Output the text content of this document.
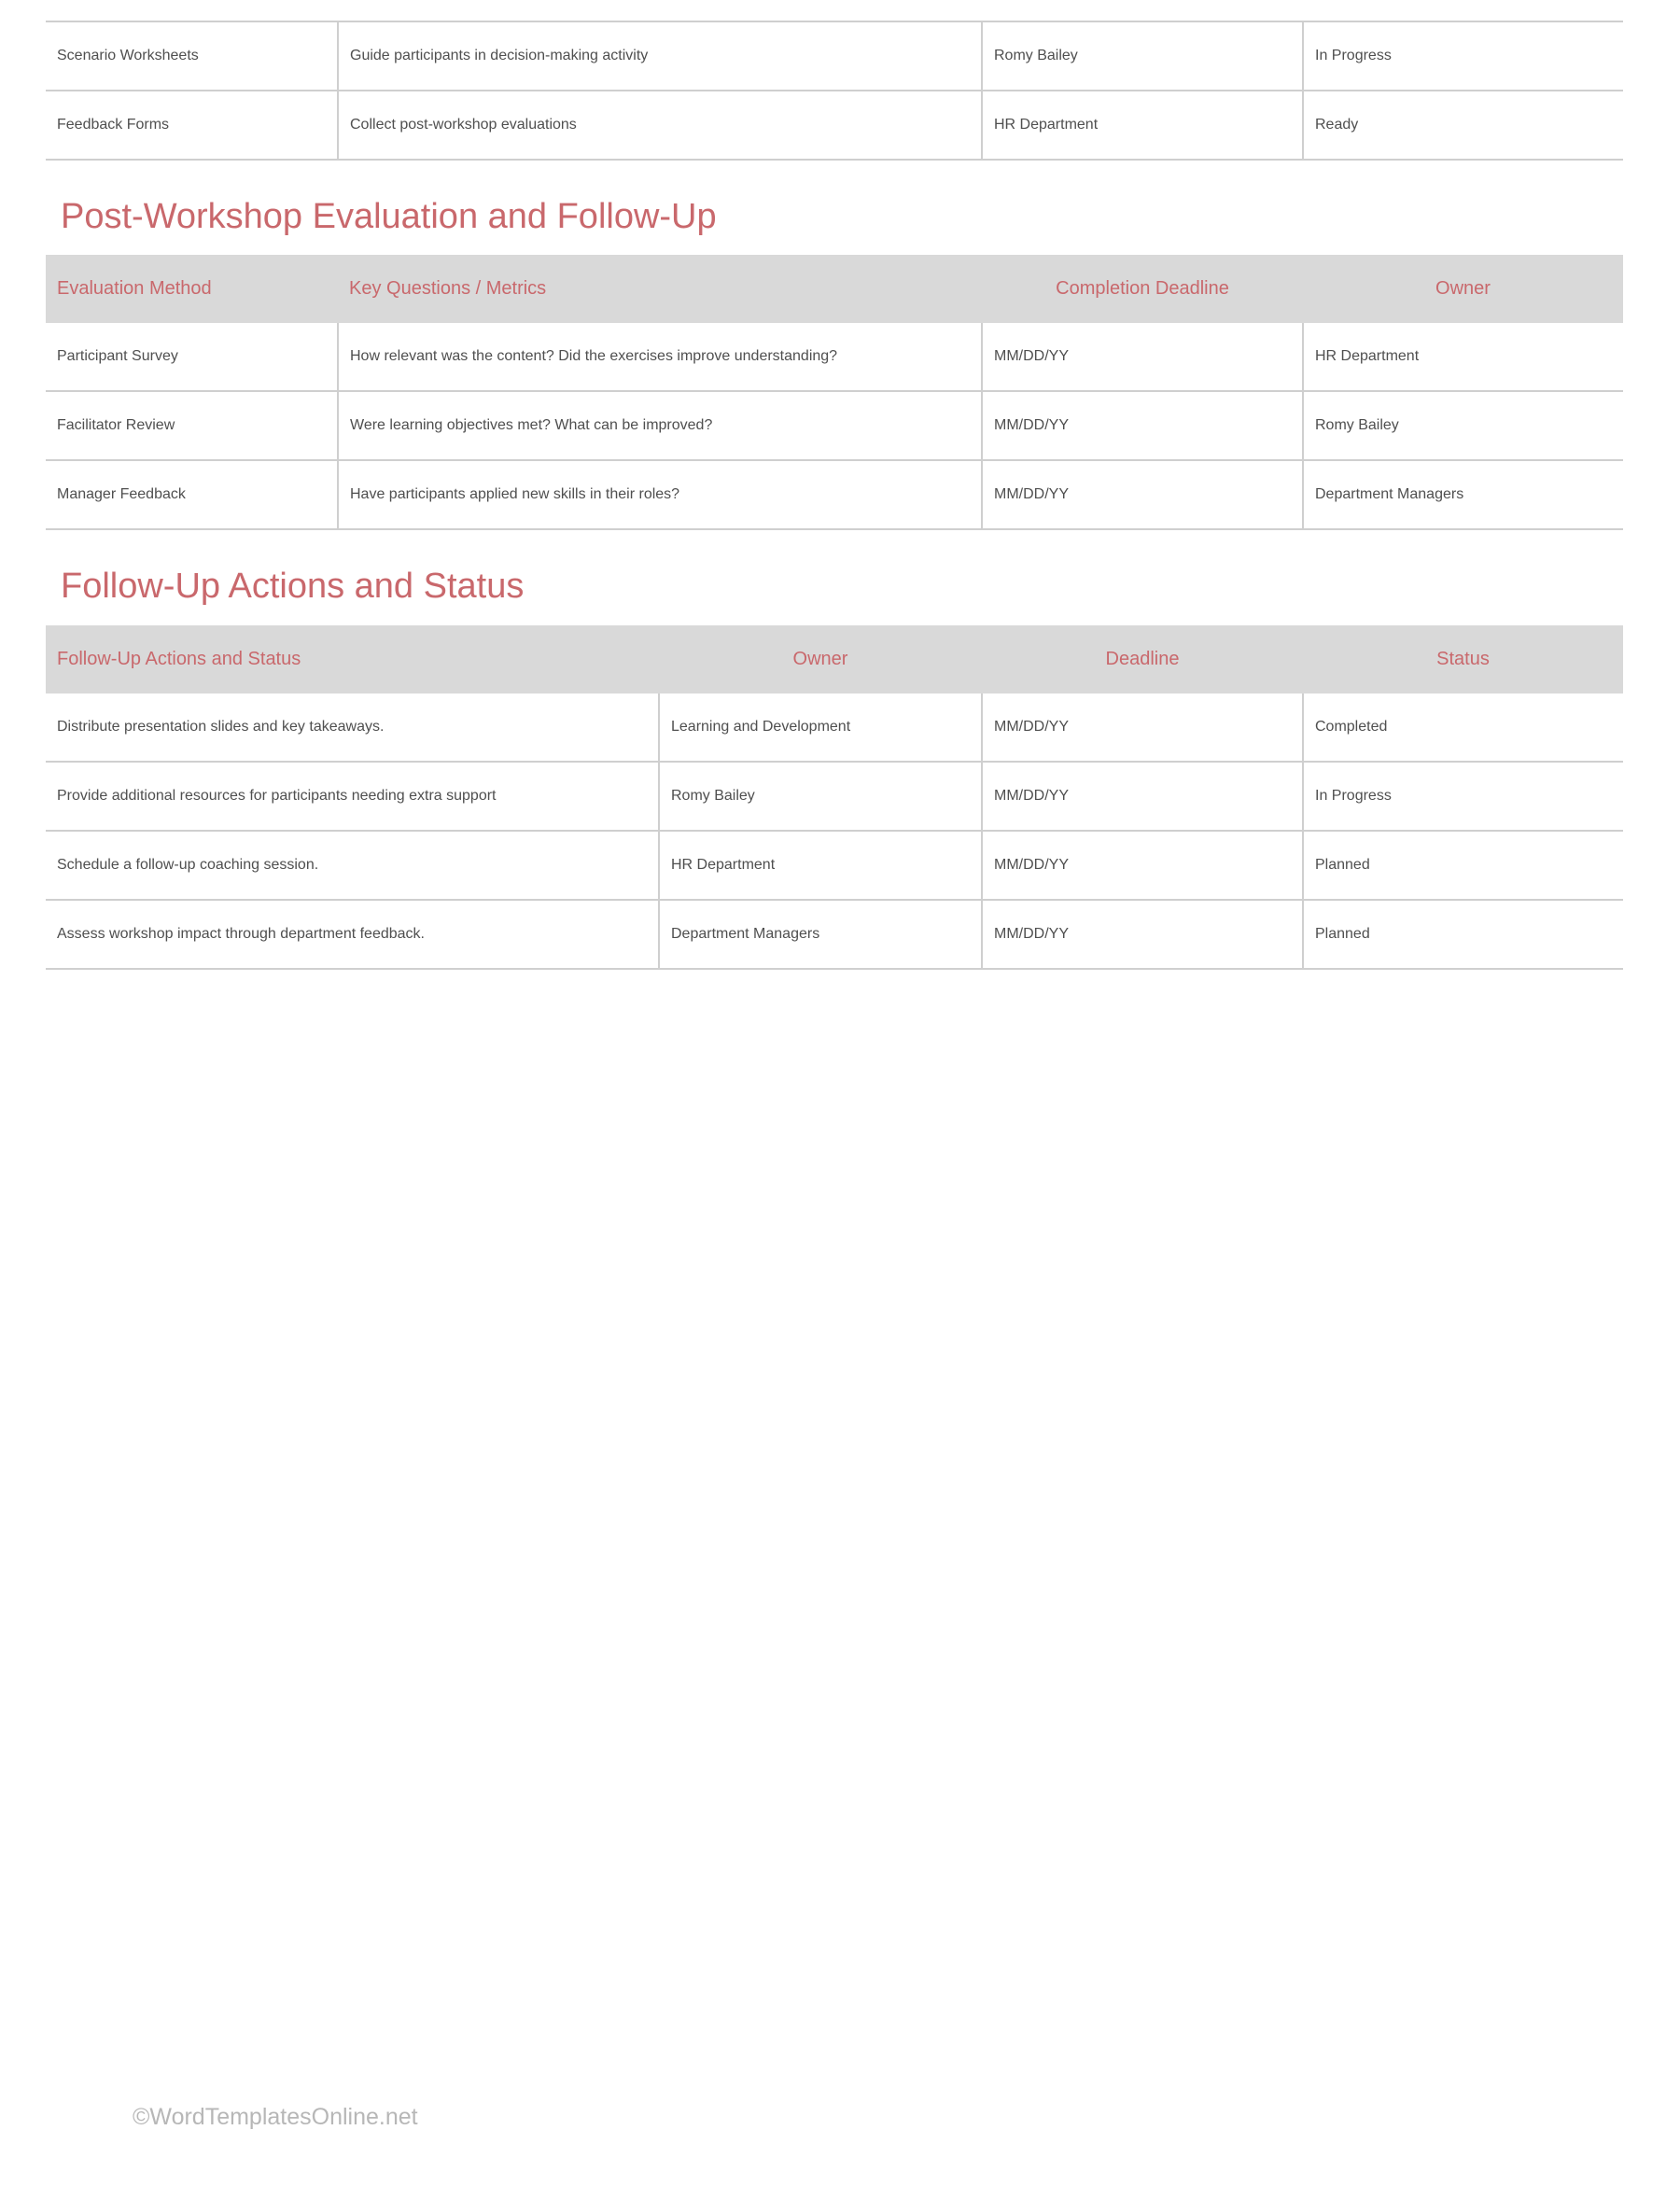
Scenario Worksheets	Guide participants in decision-making activity	Romy Bailey	In Progress
Feedback Forms	Collect post-workshop evaluations	HR Department	Ready
Post-Workshop Evaluation and Follow-Up
Evaluation Method	Key Questions / Metrics	Completion Deadline	Owner
Participant Survey	How relevant was the content? Did the exercises improve understanding?	MM/DD/YY	HR Department
Facilitator Review	Were learning objectives met? What can be improved?	MM/DD/YY	Romy Bailey
Manager Feedback	Have participants applied new skills in their roles?	MM/DD/YY	Department Managers
Follow-Up Actions and Status
Follow-Up Actions and Status	Owner	Deadline	Status
Distribute presentation slides and key takeaways.	Learning and Development	MM/DD/YY	Completed
Provide additional resources for participants needing extra support	Romy Bailey	MM/DD/YY	In Progress
Schedule a follow-up coaching session.	HR Department	MM/DD/YY	Planned
Assess workshop impact through department feedback.	Department Managers	MM/DD/YY	Planned
©WordTemplatesOnline.net
